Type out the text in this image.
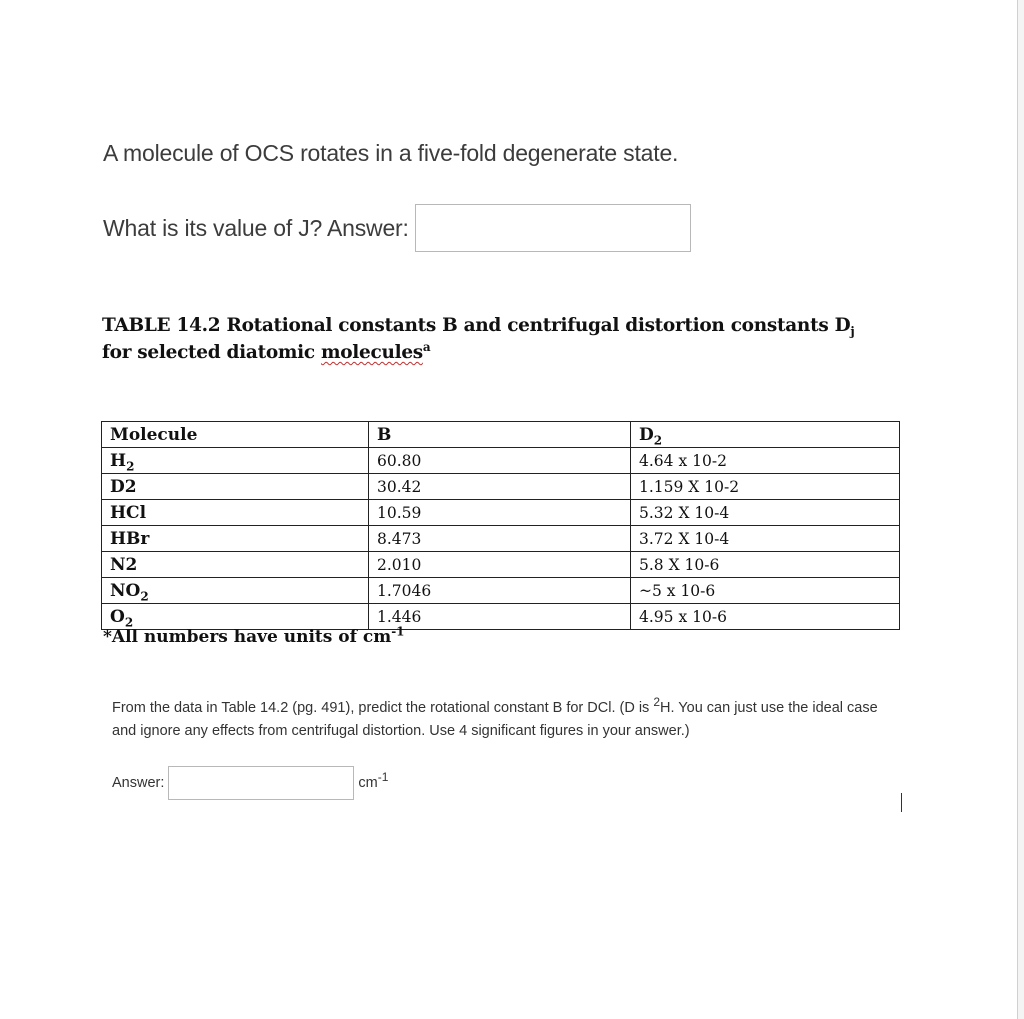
A molecule of OCS rotates in a five-fold degenerate state.
What is its value of J? Answer:
TABLE 14.2 Rotational constants B and centrifugal distortion constants $D_j$ for selected diatomic molecules$^a$
Molecule	B	$D_2$
$H_2$	60.80	4.64 x 10-2
D2	30.42	1.159 X 10-2
HCl	10.59	5.32 X 10-4
HBr	8.473	3.72 X 10-4
N2	2.010	5.8 X 10-6
$NO_2$	1.7046	~5 x 10-6
$O_2$	1.446	4.95 x 10-6
*All numbers have units of $cm^{-1}$
From the data in Table 14.2 (pg. 491), predict the rotational constant B for DCl. (D is $^2$H. You can just use the ideal case and ignore any effects from centrifugal distortion. Use 4 significant figures in your answer.)
Answer:	$cm^{-1}$
